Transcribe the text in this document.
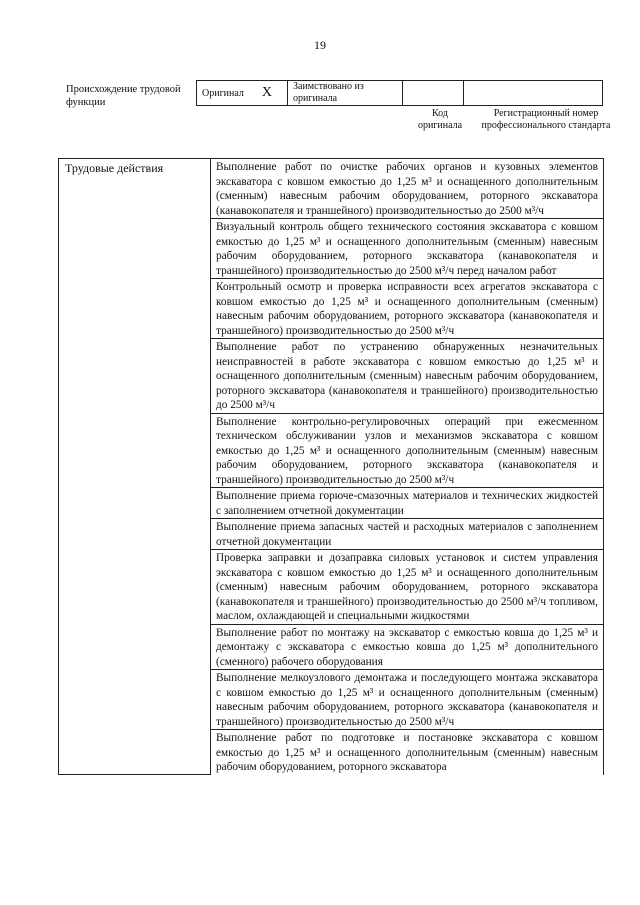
19
Происхождение трудовой функции
Оригинал X	Заимствовано из оригинала		
Код оригинала
Регистрационный номер профессионального стандарта
Трудовые действия	Выполнение работ по очистке рабочих органов и кузовных элементов экскаватора с ковшом емкостью до 1,25 м³ и оснащенного дополнительным (сменным) навесным рабочим оборудованием, роторного экскаватора (канавокопателя и траншейного) производительностью до 2500 м³/ч
Визуальный контроль общего технического состояния экскаватора с ковшом емкостью до 1,25 м³ и оснащенного дополнительным (сменным) навесным рабочим оборудованием, роторного экскаватора (канавокопателя и траншейного) производительностью до 2500 м³/ч перед началом работ
Контрольный осмотр и проверка исправности всех агрегатов экскаватора с ковшом емкостью до 1,25 м³ и оснащенного дополнительным (сменным) навесным рабочим оборудованием, роторного экскаватора (канавокопателя и траншейного) производительностью до 2500 м³/ч
Выполнение работ по устранению обнаруженных незначительных неисправностей в работе экскаватора с ковшом емкостью до 1,25 м³ и оснащенного дополнительным (сменным) навесным рабочим оборудованием, роторного экскаватора (канавокопателя и траншейного) производительностью до 2500 м³/ч
Выполнение контрольно-регулировочных операций при ежесменном техническом обслуживании узлов и механизмов экскаватора с ковшом емкостью до 1,25 м³ и оснащенного дополнительным (сменным) навесным рабочим оборудованием, роторного экскаватора (канавокопателя и траншейного) производительностью до 2500 м³/ч
Выполнение приема горюче-смазочных материалов и технических жидкостей с заполнением отчетной документации
Выполнение приема запасных частей и расходных материалов с заполнением отчетной документации
Проверка заправки и дозаправка силовых установок и систем управления экскаватора с ковшом емкостью до 1,25 м³ и оснащенного дополнительным (сменным) навесным рабочим оборудованием, роторного экскаватора (канавокопателя и траншейного) производительностью до 2500 м³/ч топливом, маслом, охлаждающей и специальными жидкостями
Выполнение работ по монтажу на экскаватор с емкостью ковша до 1,25 м³ и демонтажу с экскаватора с емкостью ковша до 1,25 м³ дополнительного (сменного) рабочего оборудования
Выполнение мелкоузлового демонтажа и последующего монтажа экскаватора с ковшом емкостью до 1,25 м³ и оснащенного дополнительным (сменным) навесным рабочим оборудованием, роторного экскаватора (канавокопателя и траншейного) производительностью до 2500 м³/ч
Выполнение работ по подготовке и постановке экскаватора с ковшом емкостью до 1,25 м³ и оснащенного дополнительным (сменным) навесным рабочим оборудованием, роторного экскаватора
